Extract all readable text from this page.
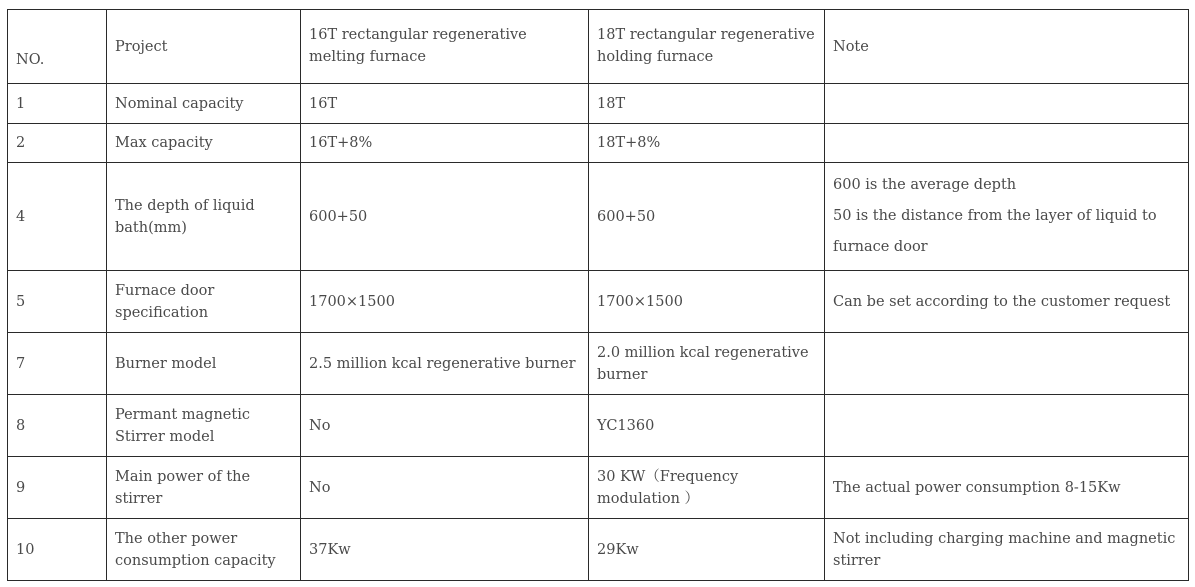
NO.	Project	16T rectangular regenerative melting furnace	18T rectangular regenerative holding furnace	Note
1	Nominal capacity	16T	18T	
2	Max capacity	16T+8%	18T+8%	
4	The depth of liquid bath(mm)	600+50	600+50	600 is the average depth
50 is the distance from the layer of liquid to
furnace door

5	Furnace door specification	1700×1500	1700×1500	Can be set according to the customer request
7	Burner model	2.5 million kcal regenerative burner	2.0 million kcal regenerative burner	
8	Permant magnetic Stirrer model	No	YC1360	
9	Main power of the stirrer	No	30 KW（Frequency modulation ）	The actual power consumption 8-15Kw
10	The other power consumption capacity	37Kw	29Kw	Not including charging machine and magnetic stirrer
